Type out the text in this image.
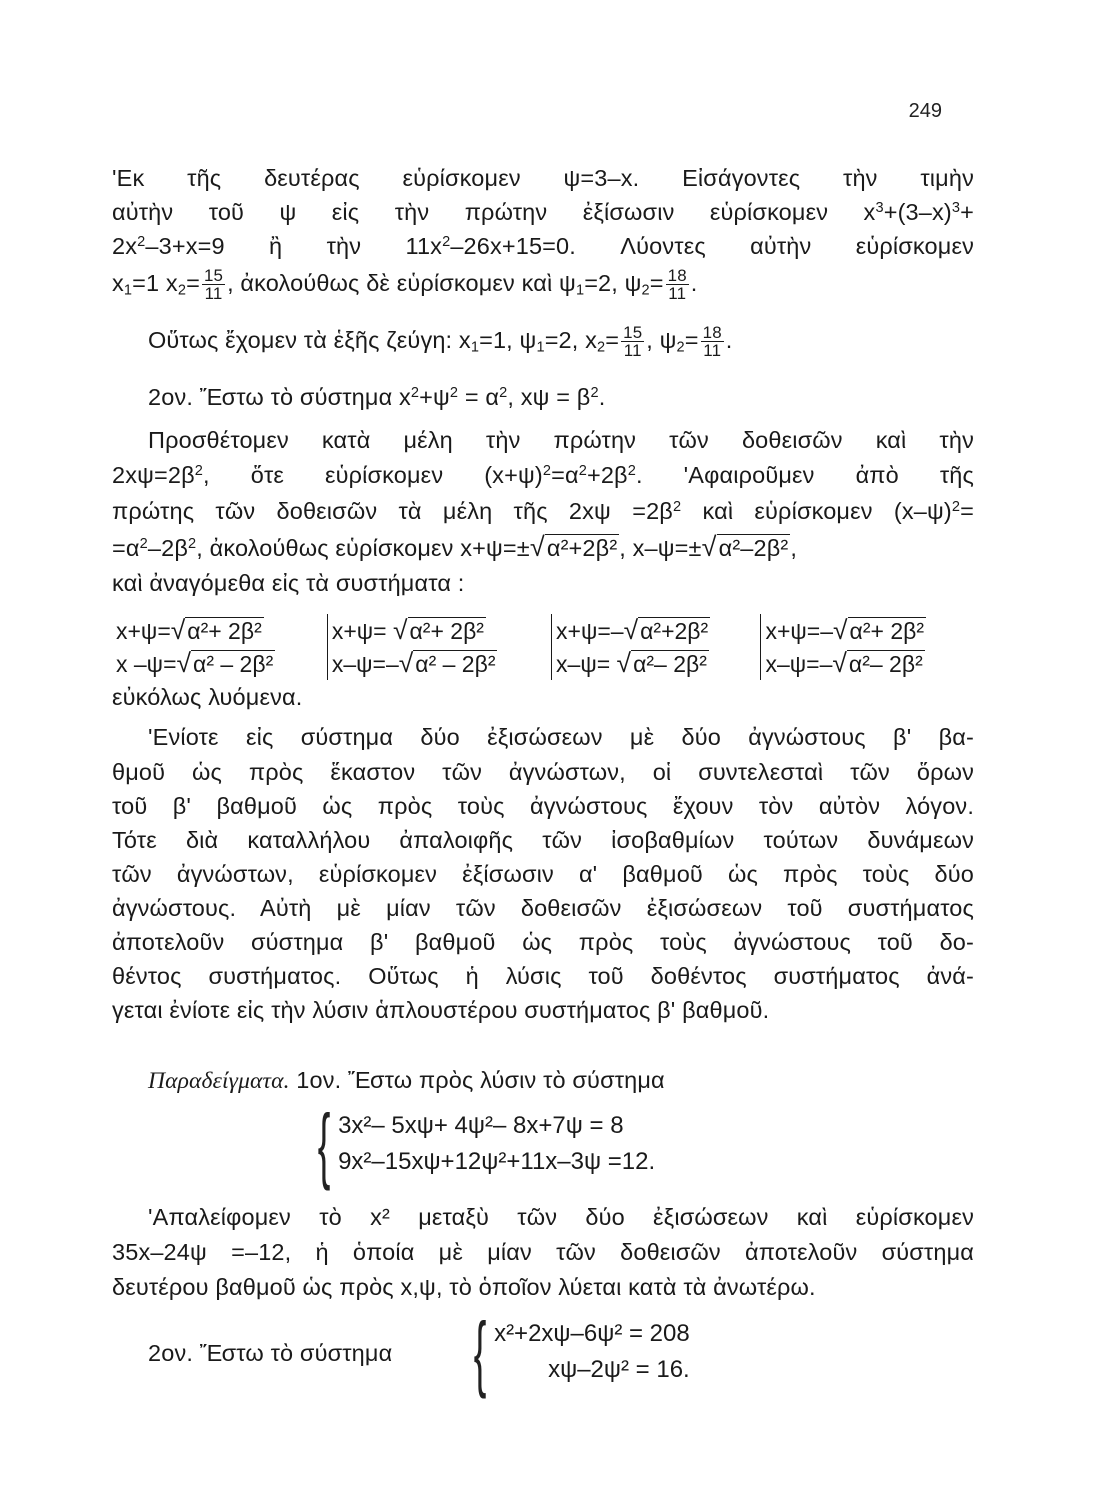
249
'Εκ τῆς δευτέρας εὑρίσκομεν ψ=3–x. Εἰσάγοντες τὴν τιμὴν
αὐτὴν τοῦ ψ εἰς τὴν πρώτην ἐξίσωσιν εὑρίσκομεν $x^3+(3-x)^3+$
$2x^2-3+x=9$ ἢ τὴν $11x^2-26x+15=0$. Λύοντες αὐτὴν εὑρίσκομεν
$x_1=1$ $x_2= \frac{15}{11}$ , ἀκολούθως δὲ εὑρίσκομεν καὶ $\psi_1=2$, $\psi_2= \frac{18}{11}$ .
Οὕτως ἔχομεν τὰ ἑξῆς ζεύγη: $x_1=1$, $\psi_1=2$, $x_2= \frac{15}{11}$ , $\psi_2= \frac{18}{11}$ .
2ον. Ἔστω τὸ σύστημα $x^2+\psi^2 = \alpha^2$, $x\psi = \beta^2$.
Προσθέτομεν κατὰ μέλη τὴν πρώτην τῶν δοθεισῶν καὶ τὴν
$2x\psi=2\beta^2$, ὅτε εὑρίσκομεν $(x+\psi)^2=\alpha^2+2\beta^2$. 'Αφαιροῦμεν ἀπὸ τῆς
πρώτης τῶν δοθεισῶν τὰ μέλη τῆς $2x\psi =2\beta^2$ καὶ εὑρίσκομεν $(x-\psi)^2=$
$=\alpha^2-2\beta^2$, ἀκολούθως εὑρίσκομεν x+ψ=±√α²+2β², x–ψ=±√α²–2β²,
καὶ ἀναγόμεθα εἰς τὰ συστήματα :
x+ψ=√α²+ 2β²	x+ψ= √α²+ 2β²	x+ψ=–√α²+2β²	x+ψ=–√α²+ 2β²
x –ψ=√α² – 2β²	x–ψ=–√α² – 2β²	x–ψ= √α²– 2β²	x–ψ=–√α²– 2β²
εὐκόλως λυόμενα.
'Ενίοτε εἰς σύστημα δύο ἐξισώσεων μὲ δύο ἀγνώστους β' βα-
θμοῦ ὡς πρὸς ἕκαστον τῶν ἀγνώστων, οἱ συντελεσταὶ τῶν ὅρων
τοῦ β' βαθμοῦ ὡς πρὸς τοὺς ἀγνώστους ἔχουν τὸν αὐτὸν λόγον.
Τότε διὰ καταλλήλου ἀπαλοιφῆς τῶν ἰσοβαθμίων τούτων δυνάμεων
τῶν ἀγνώστων, εὑρίσκομεν ἐξίσωσιν α' βαθμοῦ ὡς πρὸς τοὺς δύο
ἀγνώστους. Αὐτὴ μὲ μίαν τῶν δοθεισῶν ἐξισώσεων τοῦ συστήματος
ἀποτελοῦν σύστημα β' βαθμοῦ ὡς πρὸς τοὺς ἀγνώστους τοῦ δο-
θέντος συστήματος. Οὕτως ἡ λύσις τοῦ δοθέντος συστήματος ἀνά-
γεται ἐνίοτε εἰς τὴν λύσιν ἁπλουστέρου συστήματος β' βαθμοῦ.
Παραδείγματα. 1ον. Ἔστω πρὸς λύσιν τὸ σύστημα
{ 3x²– 5xψ+ 4ψ²– 8x+7ψ = 8
9x²–15xψ+12ψ²+11x–3ψ =12.
'Απαλείφομεν τὸ x² μεταξὺ τῶν δύο ἐξισώσεων καὶ εὑρίσκομεν
35x–24ψ =–12, ἡ ὁποία μὲ μίαν τῶν δοθεισῶν ἀποτελοῦν σύστημα
δευτέρου βαθμοῦ ὡς πρὸς x,ψ, τὸ ὁποῖον λύεται κατὰ τὰ ἀνωτέρω.
2ον. Ἔστω τὸ σύστημα { x²+2xψ–6ψ² = 208
xψ–2ψ² = 16.
